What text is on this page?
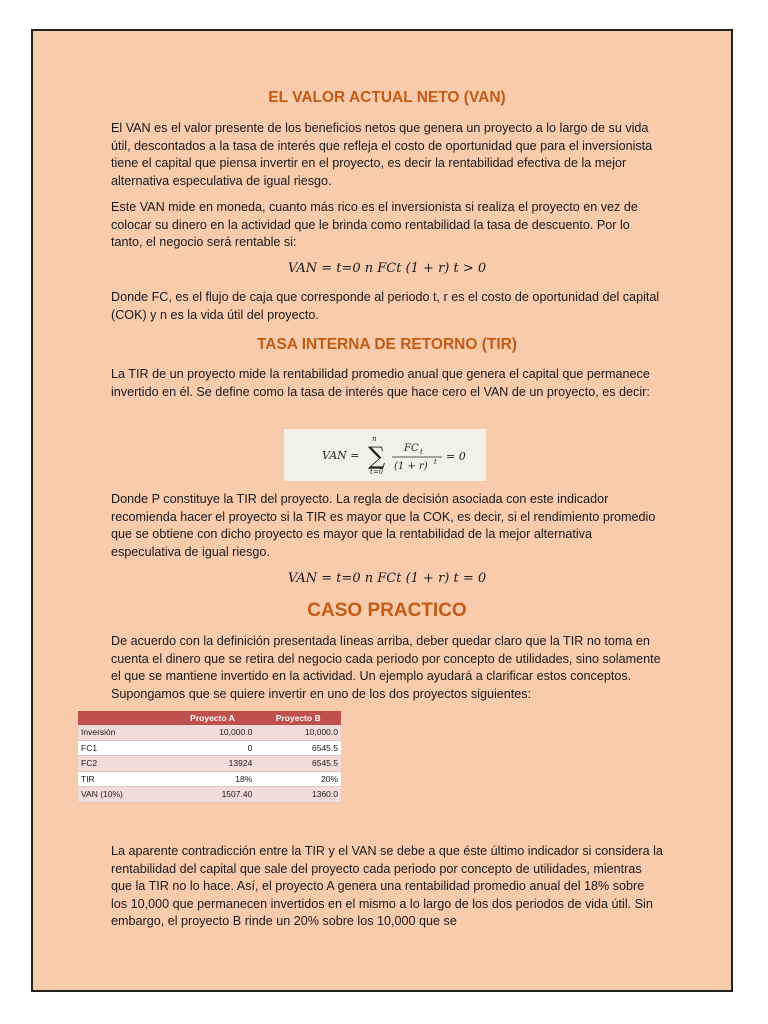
EL VALOR ACTUAL NETO (VAN)
El VAN es el valor presente de los beneficios netos que genera un proyecto a lo largo de su vida útil, descontados a la tasa de interés que refleja el costo de oportunidad que para el inversionista tiene el capital que piensa invertir en el proyecto, es decir la rentabilidad efectiva de la mejor alternativa especulativa de igual riesgo.
Este VAN mide en moneda, cuanto más rico es el inversionista si realiza el proyecto en vez de colocar su dinero en la actividad que le brinda como rentabilidad la tasa de descuento. Por lo tanto, el negocio será rentable si:
VAN = t=0 n FCt (1 + r) t > 0
Donde FC, es el flujo de caja que corresponde al periodo t, r es el costo de oportunidad del capital (COK) y n es la vida útil del proyecto.
TASA INTERNA DE RETORNO (TIR)
La TIR de un proyecto mide la rentabilidad promedio anual que genera el capital que permanece invertido en él. Se define como la tasa de interés que hace cero el VAN de un proyecto, es decir:
Donde P constituye la TIR del proyecto. La regla de decisión asociada con este indicador recomienda hacer el proyecto si la TIR es mayor que la COK, es decir, si el rendimiento promedio que se obtiene con dicho proyecto es mayor que la rentabilidad de la mejor alternativa especulativa de igual riesgo.
VAN = t=0 n FCt (1 + r) t = 0
CASO PRACTICO
De acuerdo con la definición presentada líneas arriba, deber quedar claro que la TIR no toma en cuenta el dinero que se retira del negocio cada periodo por concepto de utilidades, sino solamente el que se mantiene invertido en la actividad. Un ejemplo ayudará a clarificar estos conceptos. Supongamos que se quiere invertir en uno de los dos proyectos siguientes:
La aparente contradicción entre la TIR y el VAN se debe a que éste último indicador si considera la rentabilidad del capital que sale del proyecto cada periodo por concepto de utilidades, mientras que la TIR no lo hace. Así, el proyecto A genera una rentabilidad promedio anual del 18% sobre los 10,000 que permanecen invertidos en el mismo a lo largo de los dos periodos de vida útil. Sin embargo, el proyecto B rinde un 20% sobre los 10,000 que se
VAN = ∑
n
t=0
FC t
(1 + r) t = 0
	Proyecto A	Proyecto B
Inversión	10,000.0	10,000.0
FC1	0	6545.5
FC2	13924	6545.5
TIR	18%	20%
VAN (10%)	1507.40	1360.0
